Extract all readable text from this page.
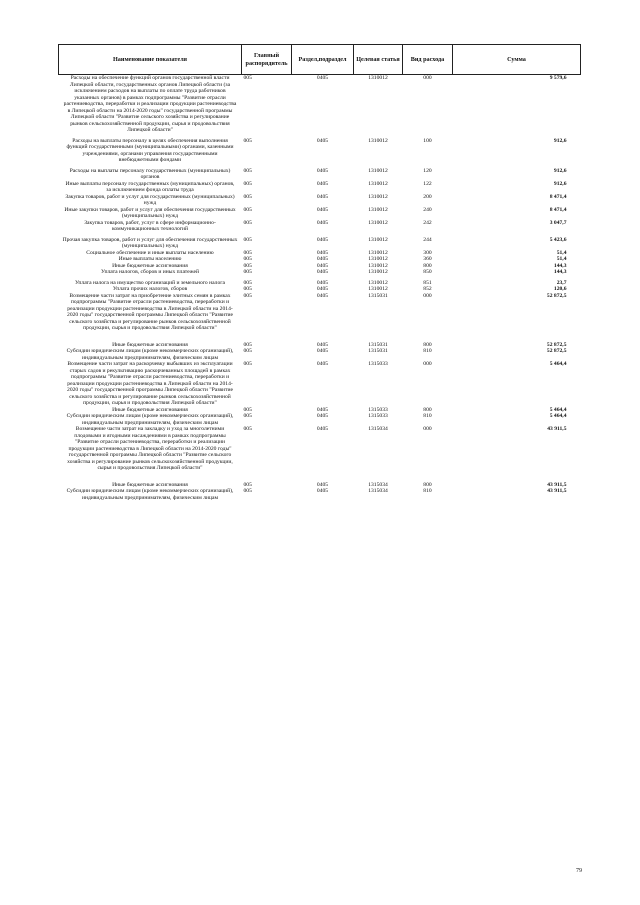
Наименование показателя	Главный распорядитель	Раздел,подраздел	Целевая статья	Вид расхода	Сумма
Расходы на обеспечение функций органов государственной власти Липецкой области, государственных органов Липецкой области (за исключением расходов на выплаты по оплате труда работников указанных органов) в рамках подпрограммы "Развитие отрасли растениеводства, переработки и реализации продукции растениеводства в Липецкой области на 2014-2020 годы" государственной программы Липецкой области "Развитие сельского хозяйства и регулирование рынков сельскохозяйственной продукции, сырья и продовольствия Липецкой области"	005	0405	1310012	000	9 579,6
Расходы на выплаты персоналу в целях обеспечения выполнения функций государственными (муниципальными) органами, казенными учреждениями, органами управления государственными внебюджетными фондами	005	0405	1310012	100	912,6
Расходы на выплаты персоналу государственных (муниципальных) органов	005	0405	1310012	120	912,6
Иные выплаты персоналу государственных (муниципальных) органов, за исключением фонда оплаты труда	005	0405	1310012	122	912,6
Закупка товаров, работ и услуг для государственных (муниципальных) нужд	005	0405	1310012	200	8 471,4
Иные закупки товаров, работ и услуг для обеспечения государственных (муниципальных) нужд	005	0405	1310012	240	8 471,4
Закупка товаров, работ, услуг в сфере информационно-коммуникационных технологий	005	0405	1310012	242	3 047,7
Прочая закупка товаров, работ и услуг для обеспечения государственных (муниципальных) нужд	005	0405	1310012	244	5 423,6
Социальное обеспечение и иные выплаты населению	005	0405	1310012	300	51,4
Иные выплаты населению	005	0405	1310012	360	51,4
Иные бюджетные ассигнования	005	0405	1310012	800	144,3
Уплата налогов, сборов и иных платежей	005	0405	1310012	850	144,3
Уплата налога на имущество организаций и земельного налога	005	0405	1310012	851	23,7
Уплата прочих налогов, сборов	005	0405	1310012	852	120,6
Возмещение части затрат на приобретение элитных семян в рамках подпрограммы "Развитие отрасли растениеводства, переработки и реализации продукции растениеводства в Липецкой области на 2014-2020 годы" государственной программы Липецкой области "Развитие сельского хозяйства и регулирование рынков сельскохозяйственной продукции, сырья и продовольствия Липецкой области"	005	0405	1315031	000	52 872,5
Иные бюджетные ассигнования	005	0405	1315031	800	52 872,5
Субсидии юридическим лицам (кроме некоммерческих организаций), индивидуальным предпринимателям, физическим лицам	005	0405	1315031	810	52 872,5
Возмещение части затрат на раскорчевку выбывших из эксплуатации старых садов и рекультивацию раскорчеванных площадей в рамках подпрограммы "Развитие отрасли растениеводства, переработки и реализации продукции растениеводства в Липецкой области на 2014-2020 годы" государственной программы Липецкой области "Развитие сельского хозяйства и регулирование рынков сельскохозяйственной продукции, сырья и продовольствия Липецкой области"	005	0405	1315033	000	5 464,4
Иные бюджетные ассигнования	005	0405	1315033	800	5 464,4
Субсидии юридическим лицам (кроме некоммерческих организаций), индивидуальным предпринимателям, физическим лицам	005	0405	1315033	810	5 464,4
Возмещение части затрат на закладку и уход за многолетними плодовыми и ягодными насаждениями в рамках подпрограммы "Развитие отрасли растениеводства, переработки и реализации продукции растениеводства в Липецкой области на 2014-2020 годы" государственной программы Липецкой области "Развитие сельского хозяйства и регулирование рынков сельскохозяйственной продукции, сырья и продовольствия Липецкой области"	005	0405	1315034	000	43 911,5
Иные бюджетные ассигнования	005	0405	1315034	800	43 911,5
Субсидии юридическим лицам (кроме некоммерческих организаций), индивидуальным предпринимателям, физическим лицам	005	0405	1315034	810	43 911,5
79
